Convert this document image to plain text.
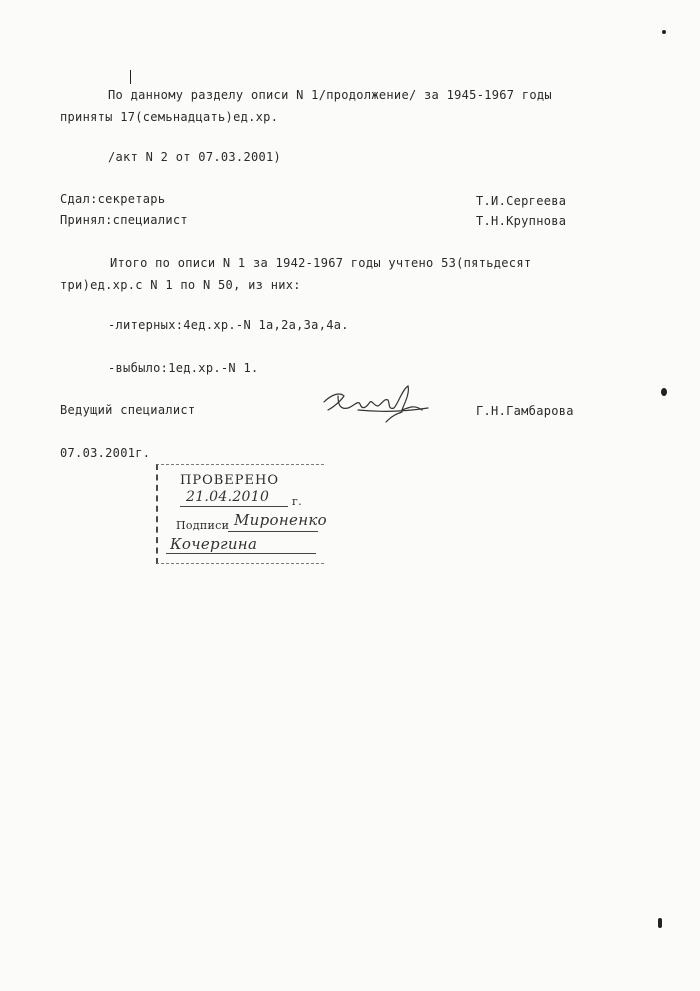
По данному разделу описи N 1/продолжение/ за 1945-1967 годы
приняты 17(семьнадцать)ед.хр.
/акт N 2 от 07.03.2001)
Сдал:секретарь	Т.И.Сергеева
Принял:специалист	Т.Н.Крупнова
Итого по описи N 1 за 1942-1967 годы учтено 53(пятьдесят
три)ед.хр.с N 1 по N 50, из них:
-литерных:4ед.хр.-N 1а,2а,3а,4а.
-выбыло:1ед.хр.-N 1.
Ведущий специалист	Г.Н.Гамбарова
07.03.2001г.
ПРОВЕРЕНО
21.04.2010 г.
Подписи Мироненко
Кочергина
